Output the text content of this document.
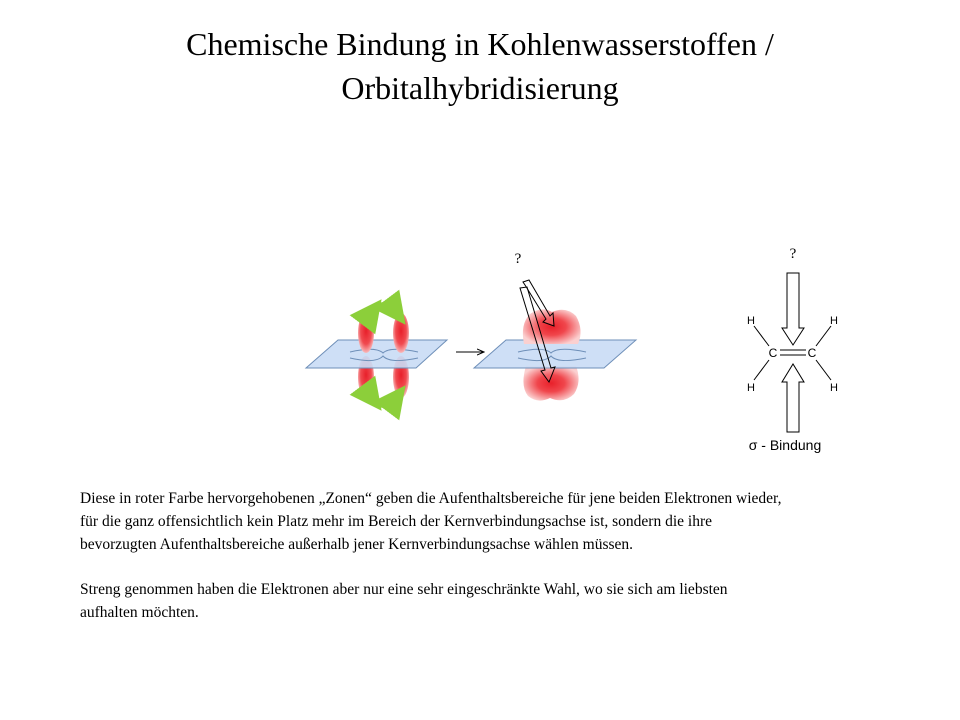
Chemische Bindung in Kohlenwasserstoffen /
Orbitalhybridisierung
?	?
H	H
H	H
C	C
σ - Bindung
Diese in roter Farbe hervorgehobenen „Zonen“ geben die Aufenthaltsbereiche für jene beiden Elektronen wieder,
für die ganz offensichtlich kein Platz mehr im Bereich der Kernverbindungsachse ist, sondern die ihre
bevorzugten Aufenthaltsbereiche außerhalb jener Kernverbindungsachse wählen müssen.
Streng genommen haben die Elektronen aber nur eine sehr eingeschränkte Wahl, wo sie sich am liebsten
aufhalten möchten.
